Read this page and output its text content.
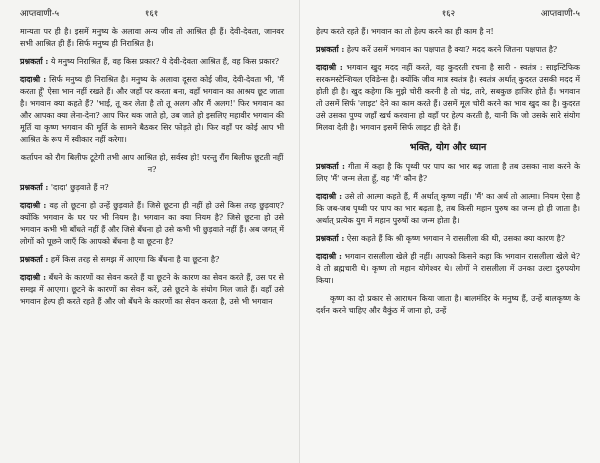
आप्तवाणी-५	१६१

मान्यता पर ही है। इसमें मनुष्य के अलावा अन्य जीव तो आश्रित ही हैं। देवी-देवता, जानवर सभी आश्रित ही हैं। सिर्फ मनुष्य ही निराश्रित है।

प्रश्नकर्ता : ये मनुष्य निराश्रित हैं, वह किस प्रकार? ये देवी-देवता आश्रित हैं, वह किस प्रकार?

दादाश्री : सिर्फ मनुष्य ही निराश्रित है। मनुष्य के अलावा दूसरा कोई जीव, देवी-देवता भी, 'मैं करता हूँ' ऐसा भान नहीं रखते हैं। और जहाँ पर करता बना, वहाँ भगवान का आश्रय छूट जाता है। भगवान क्या कहते हैं? 'भाई, तू कर लेता है तो तू अलग और मैं अलग!' फिर भगवान का और आपका क्या लेना-देना? आप फिर थक जाते हो, उब जाते हो इसलिए महावीर भगवान की मूर्ति या कृष्ण भगवान की मूर्ति के सामने बैठकर सिर फोड़ते हो। फिर वहाँ पर कोई आप भी आश्रित के रूप में स्वीकार नहीं करेगा।

कर्तापन को रौग बिलीफ टूटेगी तभी आप आश्रित हो, सर्वस्व हो! परन्तु रौंग बिलीफ छूटती नहीं न?

प्रश्नकर्ता : 'दादा' छुड़वाते हैं न?

दादाश्री : वह तो छूटना हो उन्हें छुड़वाते हैं। जिसे छूटना ही नहीं हो उसे किस तरह छुड़वाए? क्योंकि भगवान के घर पर भी नियम है। भगवान का क्या नियम है? जिसे छूटना हो उसे भगवान कभी भी बाँधते नहीं हैं और जिसे बँधना हो उसे कभी भी छुड़वाते नहीं हैं। अब जगत् में लोगों को पूछने जाएँ कि आपको बँधना है या छूटना है?

प्रश्नकर्ता : हमें किस तरह से समझ में आएगा कि बँधना है या छूटना है?

दादाश्री : बँधने के कारणों का सेवन करते हैं या छूटने के कारण का सेवन करते हैं, उस पर से समझ में आएगा। छूटने के कारणों का सेवन करें, उसे छूटने के संयोग मिल जाते हैं। वहाँ उसे भगवान हेल्प ही करते रहते हैं और जो बँधने के कारणों का सेवन करता है, उसे भी भगवान

१६२	आप्तवाणी-५

हेल्प करते रहते हैं। भगवान का तो हेल्प करने का ही काम है न!

प्रश्नकर्ता : हेल्प करें उसमें भगवान का पक्षपात है क्या? मदद करने जितना पक्षपात है?

दादाश्री : भगवान खुद मदद नहीं करते, वह कुदरती रचना है सारी - स्वतंत्र : साइन्टिफिक सरकमस्टेन्शियल एविडेन्स है। क्योंकि जीव मात्र स्वतंत्र है। स्वतंत्र अर्थात् कुदरत उसकी मदद में होती ही है। खुद कहेगा कि मुझे चोरी करनी है तो चंद्र, तारे, सबकुछ हाजिर होते हैं। भगवान तो उसमें सिर्फ 'लाइट' देने का काम करते हैं। उसमें मूल चोरी करने का भाव खुद का है। कुदरत उसे उसका पुण्य जहाँ खर्च करवाना हो वहाँ पर हेल्प करती है, यानी कि जो उसके सारे संयोग मिलवा देती है। भगवान इसमें सिर्फ लाइट ही देते हैं।

भक्ति, योग और ध्यान

प्रश्नकर्ता : गीता में कहा है कि पृथ्वी पर पाप का भार बढ़ जाता है तब उसका नाश करने के लिए 'मैं' जन्म लेता हूँ, वह 'मैं' कौन है?

दादाश्री : उसे तो आत्मा कहते हैं, मैं अर्थात् कृष्ण नहीं। 'मैं' का अर्थ तो आत्मा। नियम ऐसा है कि जब-जब पृथ्वी पर पाप का भार बढ़ता है, तब किसी महान पुरुष का जन्म हो ही जाता है। अर्थात् प्रत्येक युग में महान पुरुषों का जन्म होता है।

प्रश्नकर्ता : ऐसा कहते हैं कि श्री कृष्ण भगवान ने रासलीला की थी, उसका क्या कारण है?

दादाश्री : भगवान रासलीला खेले ही नहीं। आपको किसने कहा कि भगवान रासलीला खेले थे? वे तो ब्रह्मचारी थे। कृष्ण तो महान योगेश्वर थे। लोगों ने रासलीला में उनका उल्टा दुरुपयोग किया।

कृष्ण का दो प्रकार से आराधन किया जाता है। बालमंदिर के मनुष्य हैं, उन्हें बालकृष्ण के दर्शन करने चाहिए और वैकुंठ में जाना हो, उन्हें
